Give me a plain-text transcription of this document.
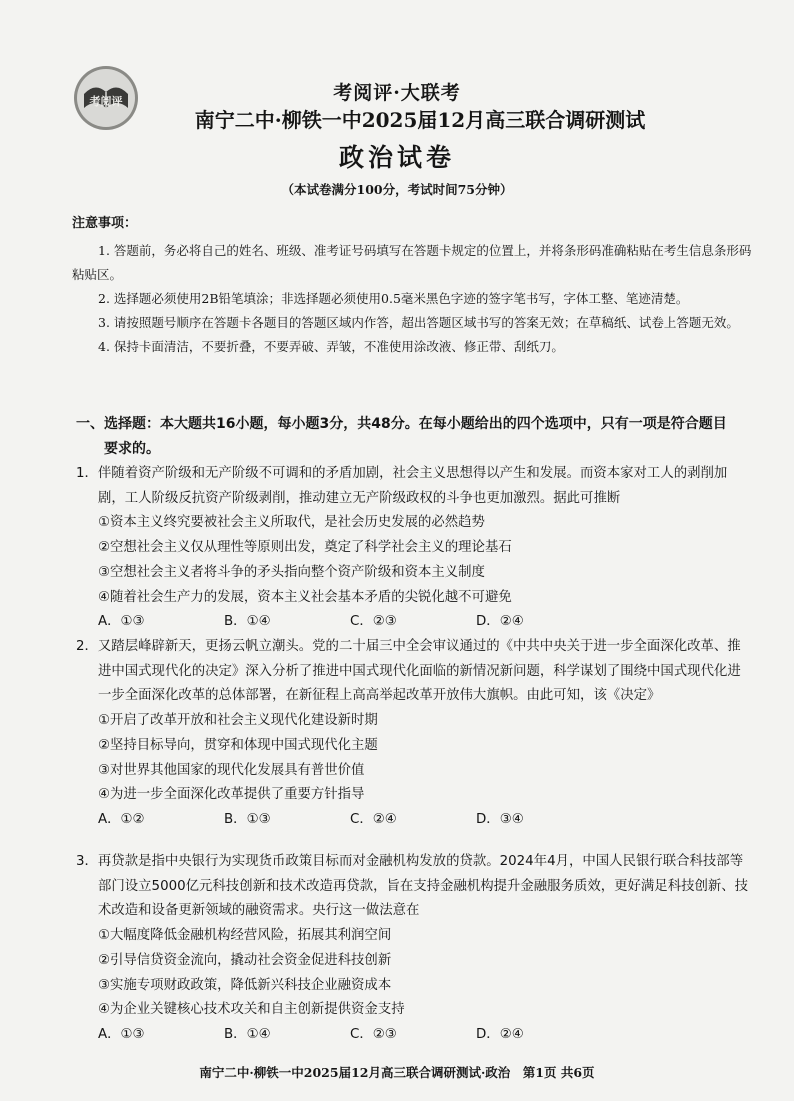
考阅评	考阅评·大联考
南宁二中·柳铁一中2025届12月高三联合调研测试
政治试卷
（本试卷满分100分，考试时间75分钟）
注意事项：
1. 答题前，务必将自己的姓名、班级、准考证号码填写在答题卡规定的位置上，并将条形码准确粘贴在考生信息条形码粘贴区。
2. 选择题必须使用2B铅笔填涂；非选择题必须使用0.5毫米黑色字迹的签字笔书写，字体工整、笔迹清楚。
3. 请按照题号顺序在答题卡各题目的答题区域内作答，超出答题区域书写的答案无效；在草稿纸、试卷上答题无效。
4. 保持卡面清洁，不要折叠，不要弄破、弄皱，不准使用涂改液、修正带、刮纸刀。
一、选择题：本大题共16小题，每小题3分，共48分。在每小题给出的四个选项中，只有一项是符合题目
要求的。
1．伴随着资产阶级和无产阶级不可调和的矛盾加剧，社会主义思想得以产生和发展。而资本家对工人的剥削加剧，工人阶级反抗资产阶级剥削，推动建立无产阶级政权的斗争也更加激烈。据此可推断
①资本主义终究要被社会主义所取代，是社会历史发展的必然趋势
②空想社会主义仅从理性等原则出发，奠定了科学社会主义的理论基石
③空想社会主义者将斗争的矛头指向整个资产阶级和资本主义制度
④随着社会生产力的发展，资本主义社会基本矛盾的尖锐化越不可避免
A．①③	B．①④	C．②③	D．②④
2．又踏层峰辟新天，更扬云帆立潮头。党的二十届三中全会审议通过的《中共中央关于进一步全面深化改革、推进中国式现代化的决定》深入分析了推进中国式现代化面临的新情况新问题，科学谋划了围绕中国式现代化进一步全面深化改革的总体部署，在新征程上高高举起改革开放伟大旗帜。由此可知，该《决定》
①开启了改革开放和社会主义现代化建设新时期
②坚持目标导向，贯穿和体现中国式现代化主题
③对世界其他国家的现代化发展具有普世价值
④为进一步全面深化改革提供了重要方针指导
A．①②	B．①③	C．②④	D．③④
3．再贷款是指中央银行为实现货币政策目标而对金融机构发放的贷款。2024年4月，中国人民银行联合科技部等部门设立5000亿元科技创新和技术改造再贷款，旨在支持金融机构提升金融服务质效，更好满足科技创新、技术改造和设备更新领域的融资需求。央行这一做法意在
①大幅度降低金融机构经营风险，拓展其利润空间
②引导信贷资金流向，撬动社会资金促进科技创新
③实施专项财政政策，降低新兴科技企业融资成本
④为企业关键核心技术攻关和自主创新提供资金支持
A．①③	B．①④	C．②③	D．②④
南宁二中·柳铁一中2025届12月高三联合调研测试·政治　第1页 共6页
